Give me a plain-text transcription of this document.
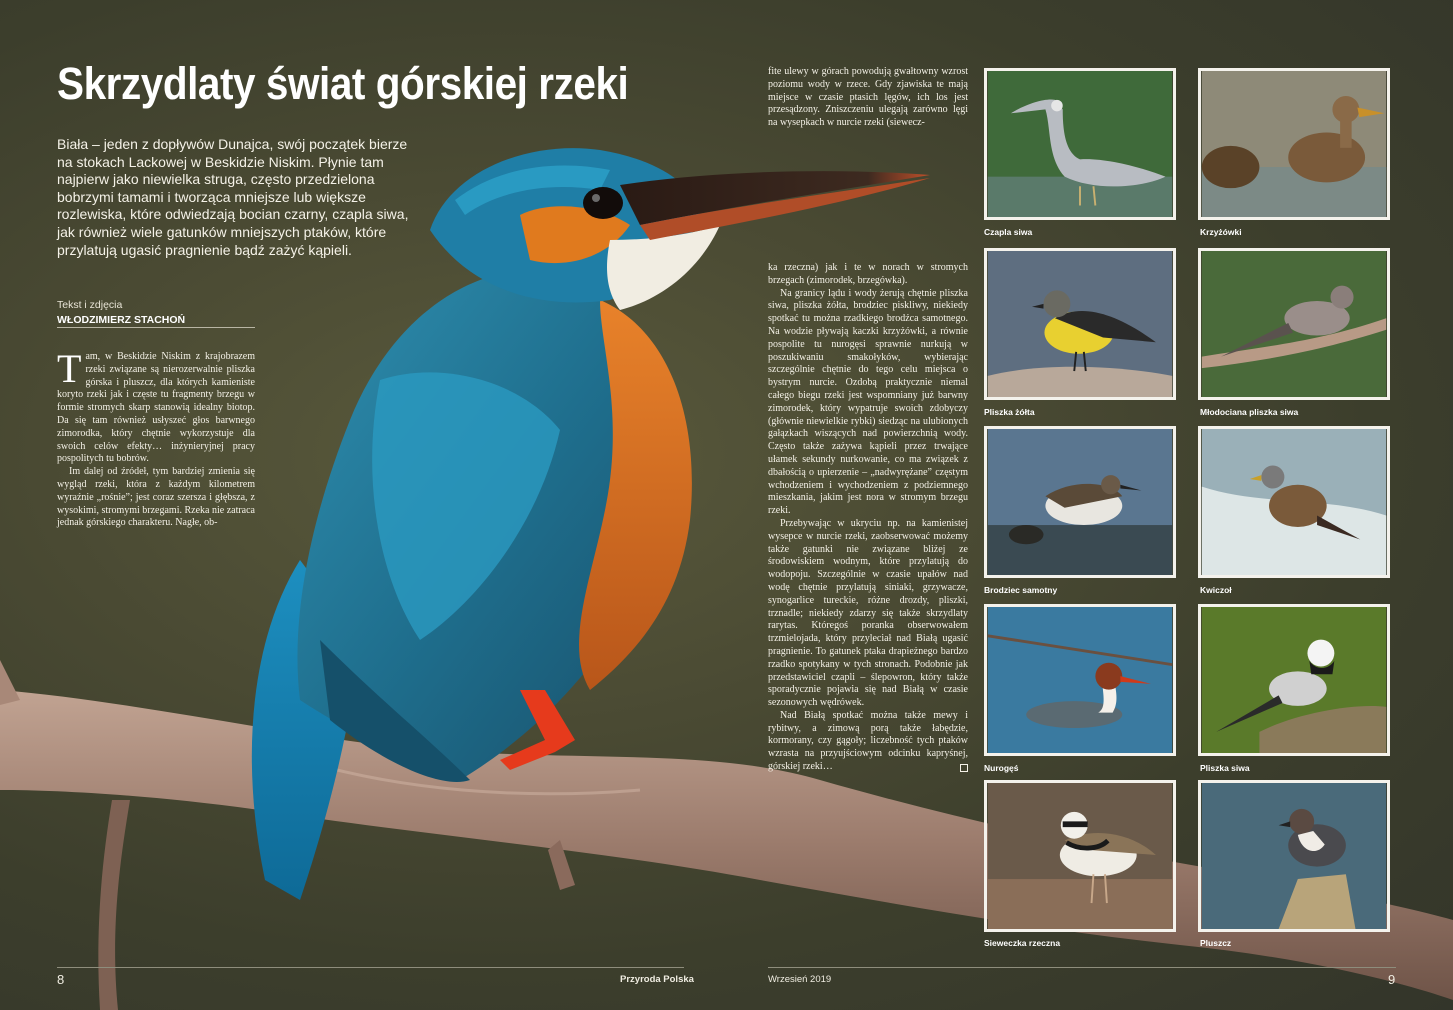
Skrzydlaty świat górskiej rzeki
Biała – jeden z dopływów Dunajca, swój początek bierze na stokach Lackowej w Beskidzie Niskim. Płynie tam najpierw jako niewielka struga, często przedzielona bobrzymi tamami i tworząca mniejsze lub większe rozlewiska, które odwiedzają bocian czarny, czapla siwa, jak również wiele gatunków mniejszych ptaków, które przylatują ugasić pragnienie bądź zażyć kąpieli.
Tekst i zdjęcia
WŁODZIMIERZ STACHOŃ
T am, w Beskidzie Niskim z krajobrazem rzeki związane są nierozerwalnie pliszka górska i pluszcz, dla których kamieniste koryto rzeki jak i częste tu fragmenty brzegu w formie stromych skarp stanowią idealny biotop. Da się tam również usłyszeć głos barwnego zimorodka, który chętnie wykorzystuje dla swoich celów efekty… inżynieryjnej pracy pospolitych tu bobrów.
Im dalej od źródeł, tym bardziej zmienia się wygląd rzeki, która z każdym kilometrem wyraźnie „rośnie”; jest coraz szersza i głębsza, z wysokimi, stromymi brzegami. Rzeka nie zatraca jednak górskiego charakteru. Nagłe, ob-
fite ulewy w górach powodują gwałtowny wzrost poziomu wody w rzece. Gdy zjawiska te mają miejsce w czasie ptasich lęgów, ich los jest przesądzony. Zniszczeniu ulegają zarówno lęgi na wysepkach w nurcie rzeki (siewecz-
ka rzeczna) jak i te w norach w stromych brzegach (zimorodek, brzegówka).
Na granicy lądu i wody żerują chętnie pliszka siwa, pliszka żółta, brodziec piskliwy, niekiedy spotkać tu można rzadkiego brodźca samotnego. Na wodzie pływają kaczki krzyżówki, a równie pospolite tu nurogęsi sprawnie nurkują w poszukiwaniu smakołyków, wybierając szczególnie chętnie do tego celu miejsca o bystrym nurcie. Ozdobą praktycznie niemal całego biegu rzeki jest wspomniany już barwny zimorodek, który wypatruje swoich zdobyczy (głównie niewielkie rybki) siedząc na ulubionych gałązkach wiszących nad powierzchnią wody. Często także zażywa kąpieli przez trwające ułamek sekundy nurkowanie, co ma związek z dbałością o upierzenie – „nadwyrężane” częstym wchodzeniem i wychodzeniem z podziemnego mieszkania, jakim jest nora w stromym brzegu rzeki.
Przebywając w ukryciu np. na kamienistej wysepce w nurcie rzeki, zaobserwować możemy także gatunki nie związane bliżej ze środowiskiem wodnym, które przylatują do wodopoju. Szczególnie w czasie upałów nad wodę chętnie przylatują siniaki, grzywacze, synogarlice tureckie, różne drozdy, pliszki, trznadle; niekiedy zdarzy się także skrzydlaty rarytas. Któregoś poranka obserwowałem trzmielojada, który przyleciał nad Białą ugasić pragnienie. To gatunek ptaka drapieżnego bardzo rzadko spotykany w tych stronach. Podobnie jak przedstawiciel czapli – ślepowron, który także sporadycznie pojawia się nad Białą w czasie sezonowych wędrówek.
Nad Białą spotkać można także mewy i rybitwy, a zimową porą także łabędzie, kormorany, czy gągoły; liczebność tych ptaków wzrasta na przyujściowym odcinku kapryśnej, górskiej rzeki…
Czapla siwa	Krzyżówki
Pliszka żółta	Młodociana pliszka siwa
Brodziec samotny	Kwiczoł
Nurogęś	Pliszka siwa
Sieweczka rzeczna	Pluszcz
8	Przyroda Polska	Wrzesień 2019	9
